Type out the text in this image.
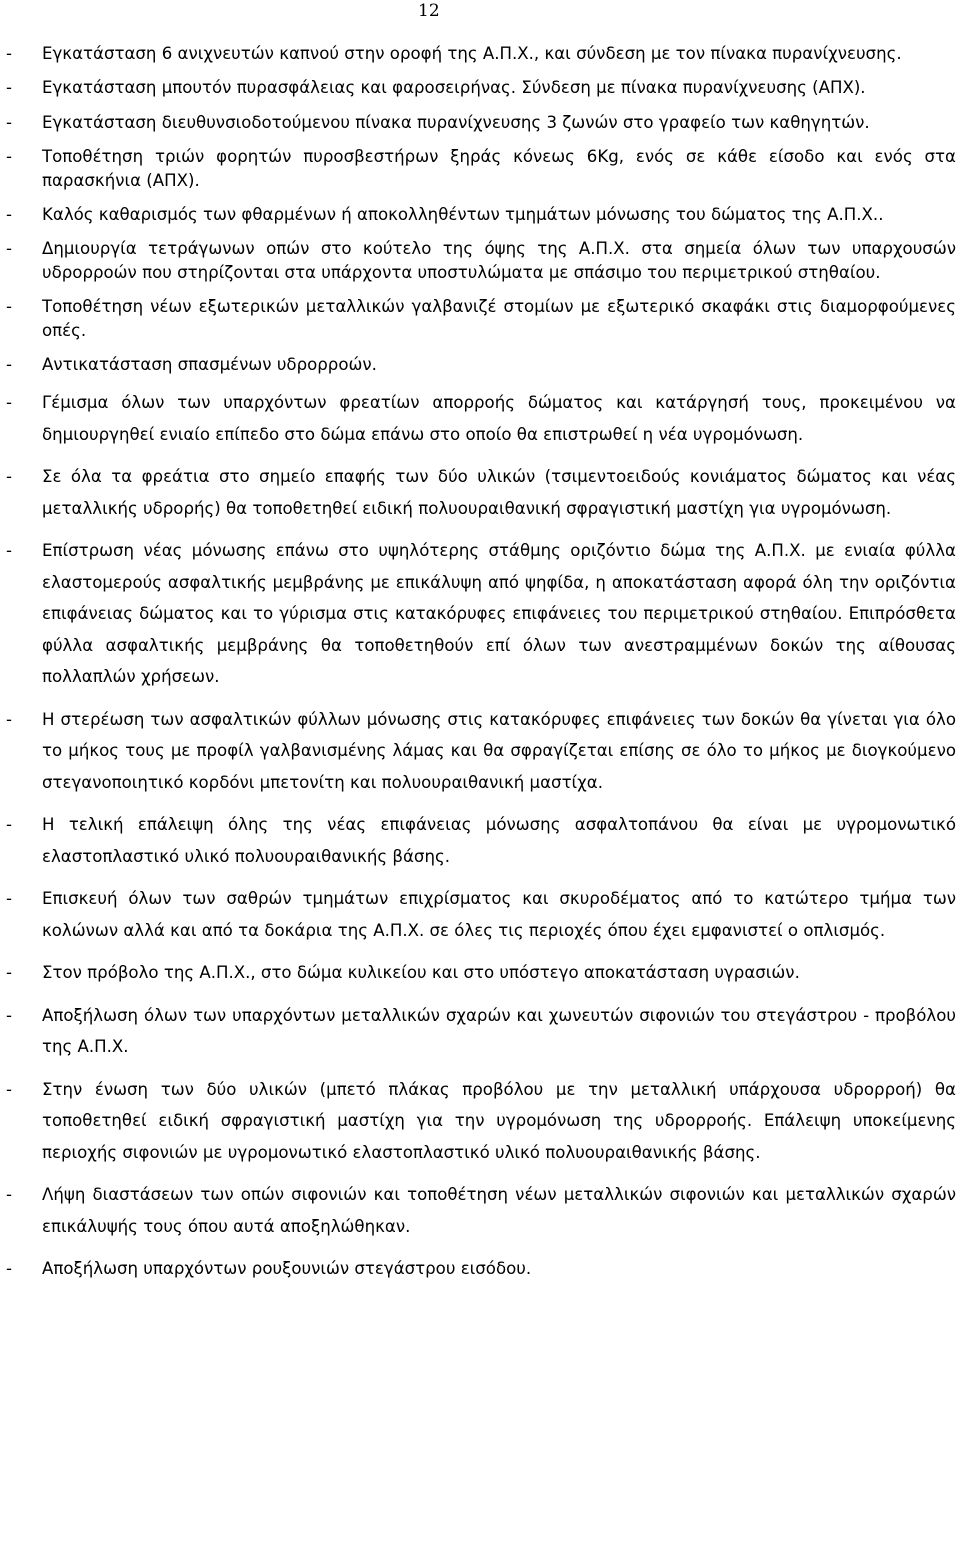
12
-	Εγκατάσταση 6 ανιχνευτών καπνού στην οροφή της Α.Π.Χ., και σύνδεση με τον πίνακα πυρανίχνευσης.
-	Εγκατάσταση μπουτόν πυρασφάλειας και φαροσειρήνας. Σύνδεση με πίνακα πυρανίχνευσης (ΑΠΧ).
-	Εγκατάσταση διευθυνσιοδοτούμενου πίνακα πυρανίχνευσης 3 ζωνών στο γραφείο των καθηγητών.
-	Τοποθέτηση τριών φορητών πυροσβεστήρων ξηράς κόνεως 6Kg, ενός σε κάθε είσοδο και ενός στα παρασκήνια (ΑΠΧ).
-	Καλός καθαρισμός των φθαρμένων ή αποκολληθέντων τμημάτων μόνωσης του δώματος της Α.Π.Χ..
-	Δημιουργία τετράγωνων οπών στο κούτελο της όψης της Α.Π.Χ. στα σημεία όλων των υπαρχουσών υδρορροών που στηρίζονται στα υπάρχοντα υποστυλώματα με σπάσιμο του περιμετρικού στηθαίου.
-	Τοποθέτηση νέων εξωτερικών μεταλλικών γαλβανιζέ στομίων με εξωτερικό σκαφάκι στις διαμορφούμενες οπές.
-	Αντικατάσταση σπασμένων υδρορροών.
-	Γέμισμα όλων των υπαρχόντων φρεατίων απορροής δώματος και κατάργησή τους, προκειμένου να δημιουργηθεί ενιαίο επίπεδο στο δώμα επάνω στο οποίο θα επιστρωθεί η νέα υγρομόνωση.
-	Σε όλα τα φρεάτια στο σημείο επαφής των δύο υλικών (τσιμεντοειδούς κονιάματος δώματος και νέας μεταλλικής υδρορής) θα τοποθετηθεί ειδική πολυουραιθανική σφραγιστική μαστίχη για υγρομόνωση.
-	Επίστρωση νέας μόνωσης επάνω στο υψηλότερης στάθμης οριζόντιο δώμα της Α.Π.Χ. με ενιαία φύλλα ελαστομερούς ασφαλτικής μεμβράνης με επικάλυψη από ψηφίδα, η αποκατάσταση αφορά όλη την οριζόντια επιφάνειας δώματος και το γύρισμα στις κατακόρυφες επιφάνειες του περιμετρικού στηθαίου. Επιπρόσθετα φύλλα ασφαλτικής μεμβράνης θα τοποθετηθούν επί όλων των ανεστραμμένων δοκών της αίθουσας πολλαπλών χρήσεων.
-	Η στερέωση των ασφαλτικών φύλλων μόνωσης στις κατακόρυφες επιφάνειες των δοκών θα γίνεται για όλο το μήκος τους με προφίλ γαλβανισμένης λάμας και θα σφραγίζεται επίσης σε όλο το μήκος με διογκούμενο στεγανοποιητικό κορδόνι μπετονίτη και πολυουραιθανική μαστίχα.
-	Η τελική επάλειψη όλης της νέας επιφάνειας μόνωσης ασφαλτοπάνου θα είναι με υγρομονωτικό ελαστοπλαστικό υλικό πολυουραιθανικής βάσης.
-	Επισκευή όλων των σαθρών τμημάτων επιχρίσματος και σκυροδέματος από το κατώτερο τμήμα των κολώνων αλλά και από τα δοκάρια της Α.Π.Χ. σε όλες τις περιοχές όπου έχει εμφανιστεί ο οπλισμός.
-	Στον πρόβολο της Α.Π.Χ., στο δώμα κυλικείου και στο υπόστεγο αποκατάσταση υγρασιών.
-	Αποξήλωση όλων των υπαρχόντων μεταλλικών σχαρών και χωνευτών σιφονιών του στεγάστρου - προβόλου της Α.Π.Χ.
-	Στην ένωση των δύο υλικών (μπετό πλάκας προβόλου με την μεταλλική υπάρχουσα υδρορροή) θα τοποθετηθεί ειδική σφραγιστική μαστίχη για την υγρομόνωση της υδρορροής. Επάλειψη υποκείμενης περιοχής σιφονιών με υγρομονωτικό ελαστοπλαστικό υλικό πολυουραιθανικής βάσης.
-	Λήψη διαστάσεων των οπών σιφονιών και τοποθέτηση νέων μεταλλικών σιφονιών και μεταλλικών σχαρών επικάλυψής τους όπου αυτά αποξηλώθηκαν.
-	Αποξήλωση υπαρχόντων ρουξουνιών στεγάστρου εισόδου.
